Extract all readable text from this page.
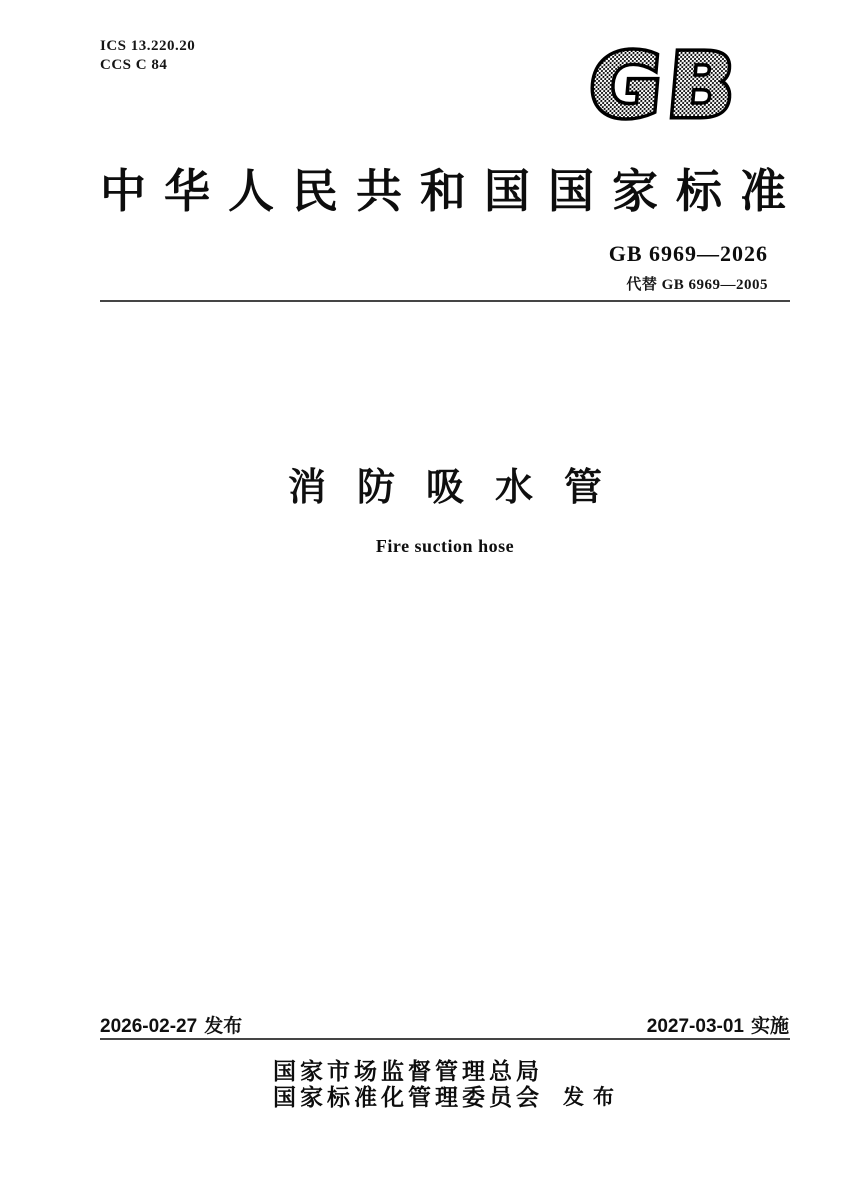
ICS 13.220.20
CCS C 84	GB
中华人民共和国国家标准
GB 6969—2026
代替 GB 6969—2005
消防吸水管
Fire suction hose
2026-02-27 发布	2027-03-01 实施
国家市场监督管理总局
国家标准化管理委员会 发布
